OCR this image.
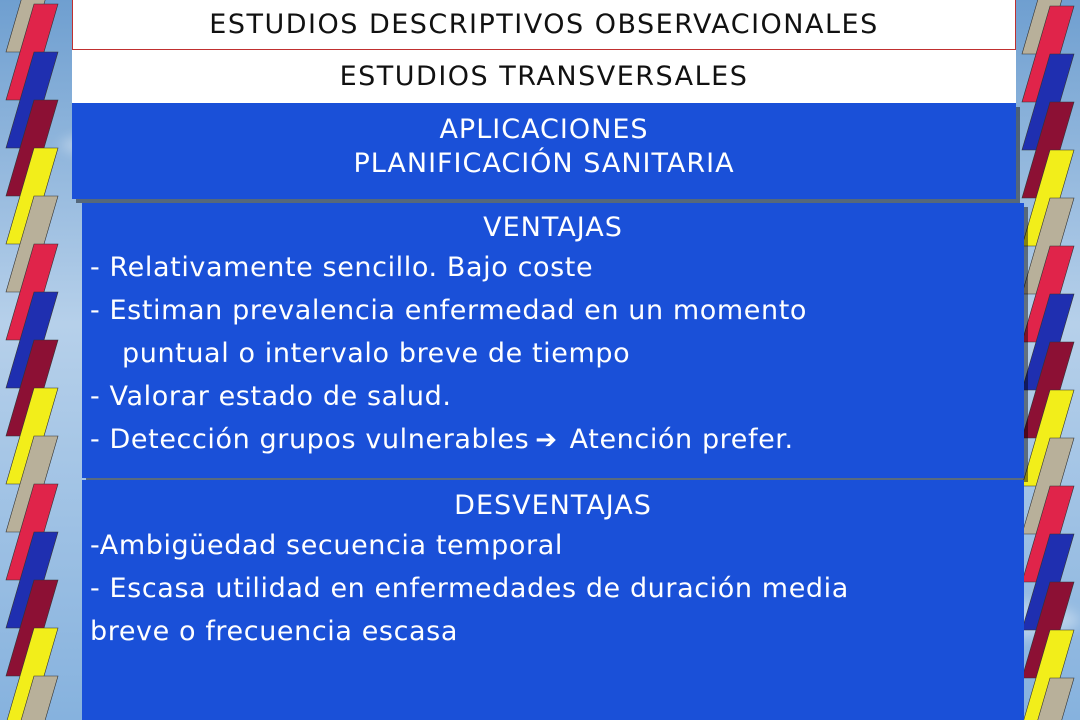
ESTUDIOS DESCRIPTIVOS OBSERVACIONALES
ESTUDIOS TRANSVERSALES
APLICACIONES
PLANIFICACIÓN SANITARIA
VENTAJAS
- Relativamente sencillo. Bajo coste
- Estiman prevalencia enfermedad en un momento
puntual o intervalo breve de tiempo
- Valorar estado de salud.
- Detección grupos vulnerables ➔ Atención prefer.
DESVENTAJAS
-Ambigüedad secuencia temporal
- Escasa utilidad en enfermedades de duración media
breve o frecuencia escasa
